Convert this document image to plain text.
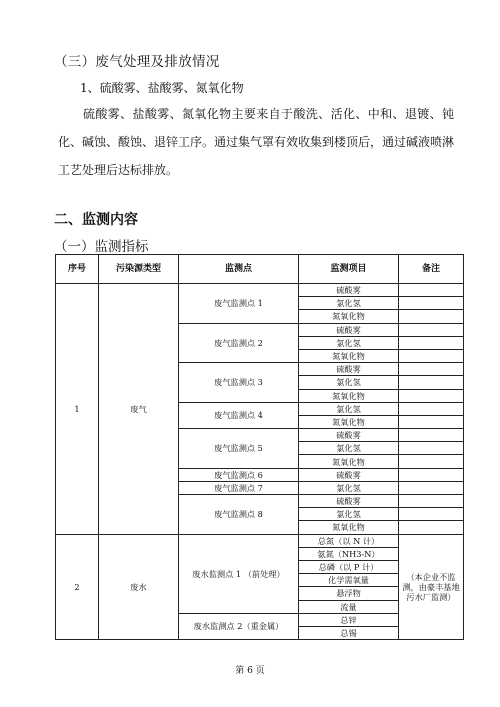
（三）废气处理及排放情况
1、硫酸雾、盐酸雾、氮氧化物
硫酸雾、盐酸雾、氮氧化物主要来自于酸洗、活化、中和、退镀、钝化、碱蚀、酸蚀、退锌工序。通过集气罩有效收集到楼顶后，通过碱液喷淋工艺处理后达标排放。
二、监测内容
（一）监测指标
序号	污染源类型	监测点	监测项目	备注
1	废气	废气监测点 1	硫酸雾	
			氯化氢	
			氮氧化物	
		废气监测点 2	硫酸雾	
			氯化氢	
			氮氧化物	
		废气监测点 3	硫酸雾	
			氯化氢	
			氮氧化物	
		废气监测点 4	氯化氢	
			氮氧化物	
		废气监测点 5	硫酸雾	
			氯化氢	
			氮氧化物	
		废气监测点 6	硫酸雾	
		废气监测点 7	氯化氢	
		废气监测点 8	硫酸雾	
			氯化氢	
			氮氧化物	
2	废水	废水监测点 1 （前处理）	总氮（以 N 计）	（本企业不监测，由豪丰基地污水厂监测）
			氨氮（NH3-N）	
			总磷（以 P 计）	
			化学需氧量	
			悬浮物	
			流量	
		废水监测点 2（重金属）	总锌	
			总锡	
第 6 页
